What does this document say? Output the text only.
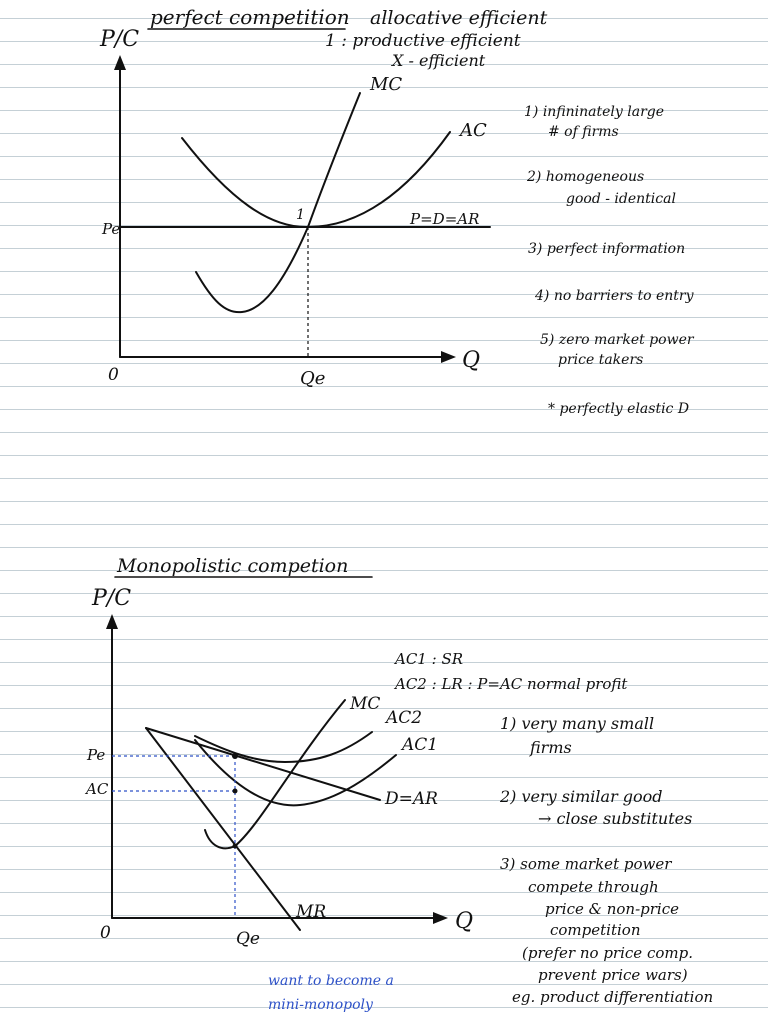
perfect competition allocative efficient
1 : productive efficient
X - efficient
P/C
Q
0
MC
AC
P=D=AR
1
Pe
Qe
1) infininately large # of firms
2) homogeneous good - identical
3) perfect information
4) no barriers to entry
5) zero market power price takers
* perfectly elastic D
Monopolistic competion
P/C
Q
0
MC
AC2
AC1
D=AR
MR
Pe
AC
Qe
AC1 : SR
AC2 : LR : P=AC normal profit
1) very many small firms
2) very similar good → close substitutes
3) some market power compete through price & non-price competition (prefer no price comp. prevent price wars) eg. product differentiation
want to become a mini-monopoly
